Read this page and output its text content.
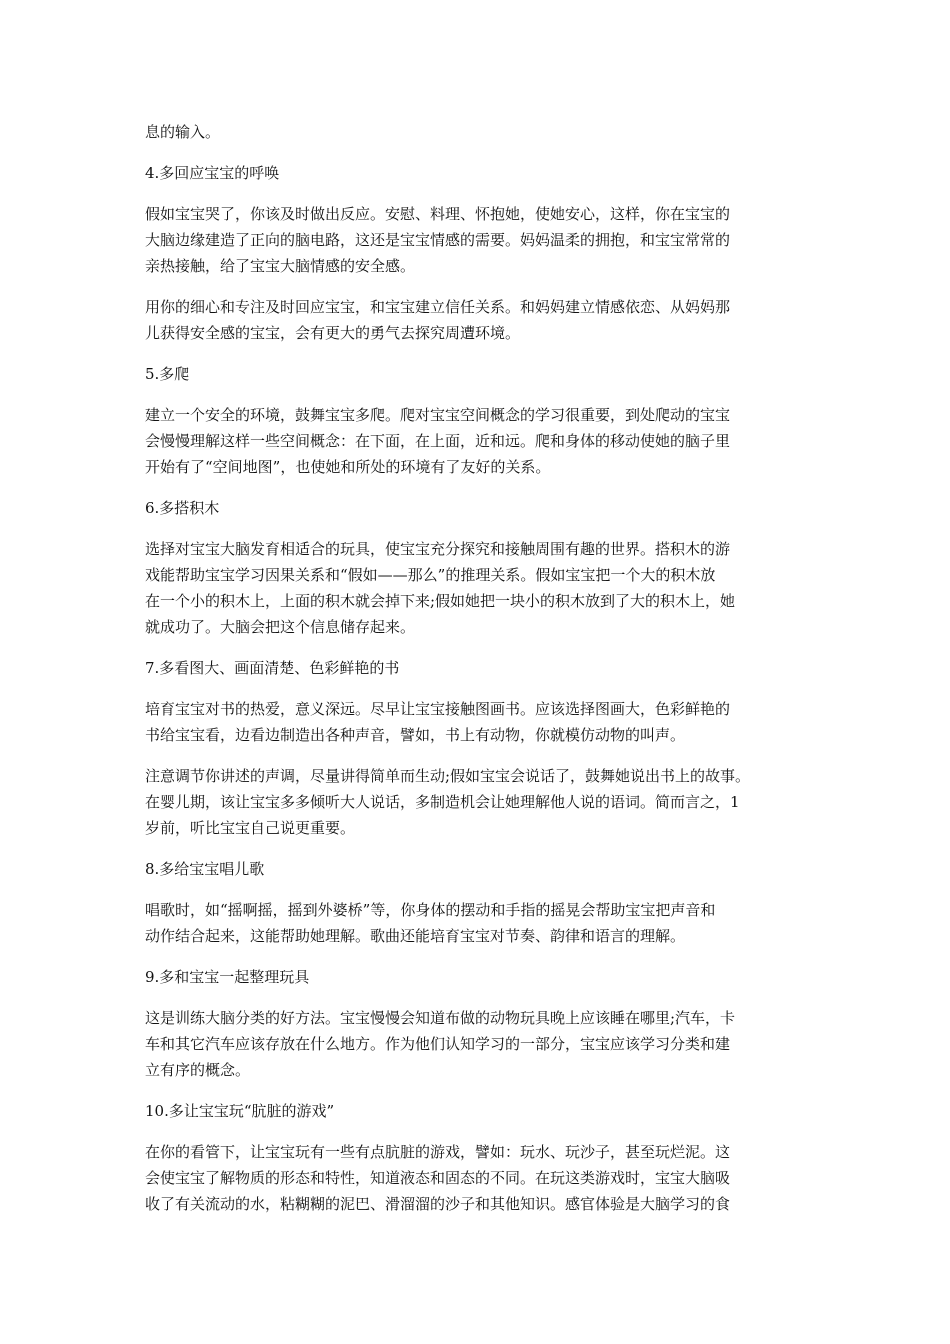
息的输入。

4.多回应宝宝的呼唤

假如宝宝哭了，你该及时做出反应。安慰、料理、怀抱她，使她安心，这样，你在宝宝的
大脑边缘建造了正向的脑电路，这还是宝宝情感的需要。妈妈温柔的拥抱，和宝宝常常的
亲热接触，给了宝宝大脑情感的安全感。

用你的细心和专注及时回应宝宝，和宝宝建立信任关系。和妈妈建立情感依恋、从妈妈那
儿获得安全感的宝宝，会有更大的勇气去探究周遭环境。

5.多爬

建立一个安全的环境，鼓舞宝宝多爬。爬对宝宝空间概念的学习很重要，到处爬动的宝宝
会慢慢理解这样一些空间概念：在下面，在上面，近和远。爬和身体的移动使她的脑子里
开始有了“空间地图”，也使她和所处的环境有了友好的关系。

6.多搭积木

选择对宝宝大脑发育相适合的玩具，使宝宝充分探究和接触周围有趣的世界。搭积木的游
戏能帮助宝宝学习因果关系和“假如——那么”的推理关系。假如宝宝把一个大的积木放
在一个小的积木上，上面的积木就会掉下来;假如她把一块小的积木放到了大的积木上，她
就成功了。大脑会把这个信息储存起来。

7.多看图大、画面清楚、色彩鲜艳的书

培育宝宝对书的热爱，意义深远。尽早让宝宝接触图画书。应该选择图画大，色彩鲜艳的
书给宝宝看，边看边制造出各种声音，譬如，书上有动物，你就模仿动物的叫声。

注意调节你讲述的声调，尽量讲得简单而生动;假如宝宝会说话了，鼓舞她说出书上的故事。
在婴儿期，该让宝宝多多倾听大人说话，多制造机会让她理解他人说的语词。简而言之，1
岁前，听比宝宝自己说更重要。

8.多给宝宝唱儿歌

唱歌时，如“摇啊摇，摇到外婆桥”等，你身体的摆动和手指的摇晃会帮助宝宝把声音和
动作结合起来，这能帮助她理解。歌曲还能培育宝宝对节奏、韵律和语言的理解。

9.多和宝宝一起整理玩具

这是训练大脑分类的好方法。宝宝慢慢会知道布做的动物玩具晚上应该睡在哪里;汽车，卡
车和其它汽车应该存放在什么地方。作为他们认知学习的一部分，宝宝应该学习分类和建
立有序的概念。

10.多让宝宝玩“肮脏的游戏”

在你的看管下，让宝宝玩有一些有点肮脏的游戏，譬如：玩水、玩沙子，甚至玩烂泥。这
会使宝宝了解物质的形态和特性，知道液态和固态的不同。在玩这类游戏时，宝宝大脑吸
收了有关流动的水，粘糊糊的泥巴、滑溜溜的沙子和其他知识。感官体验是大脑学习的食
